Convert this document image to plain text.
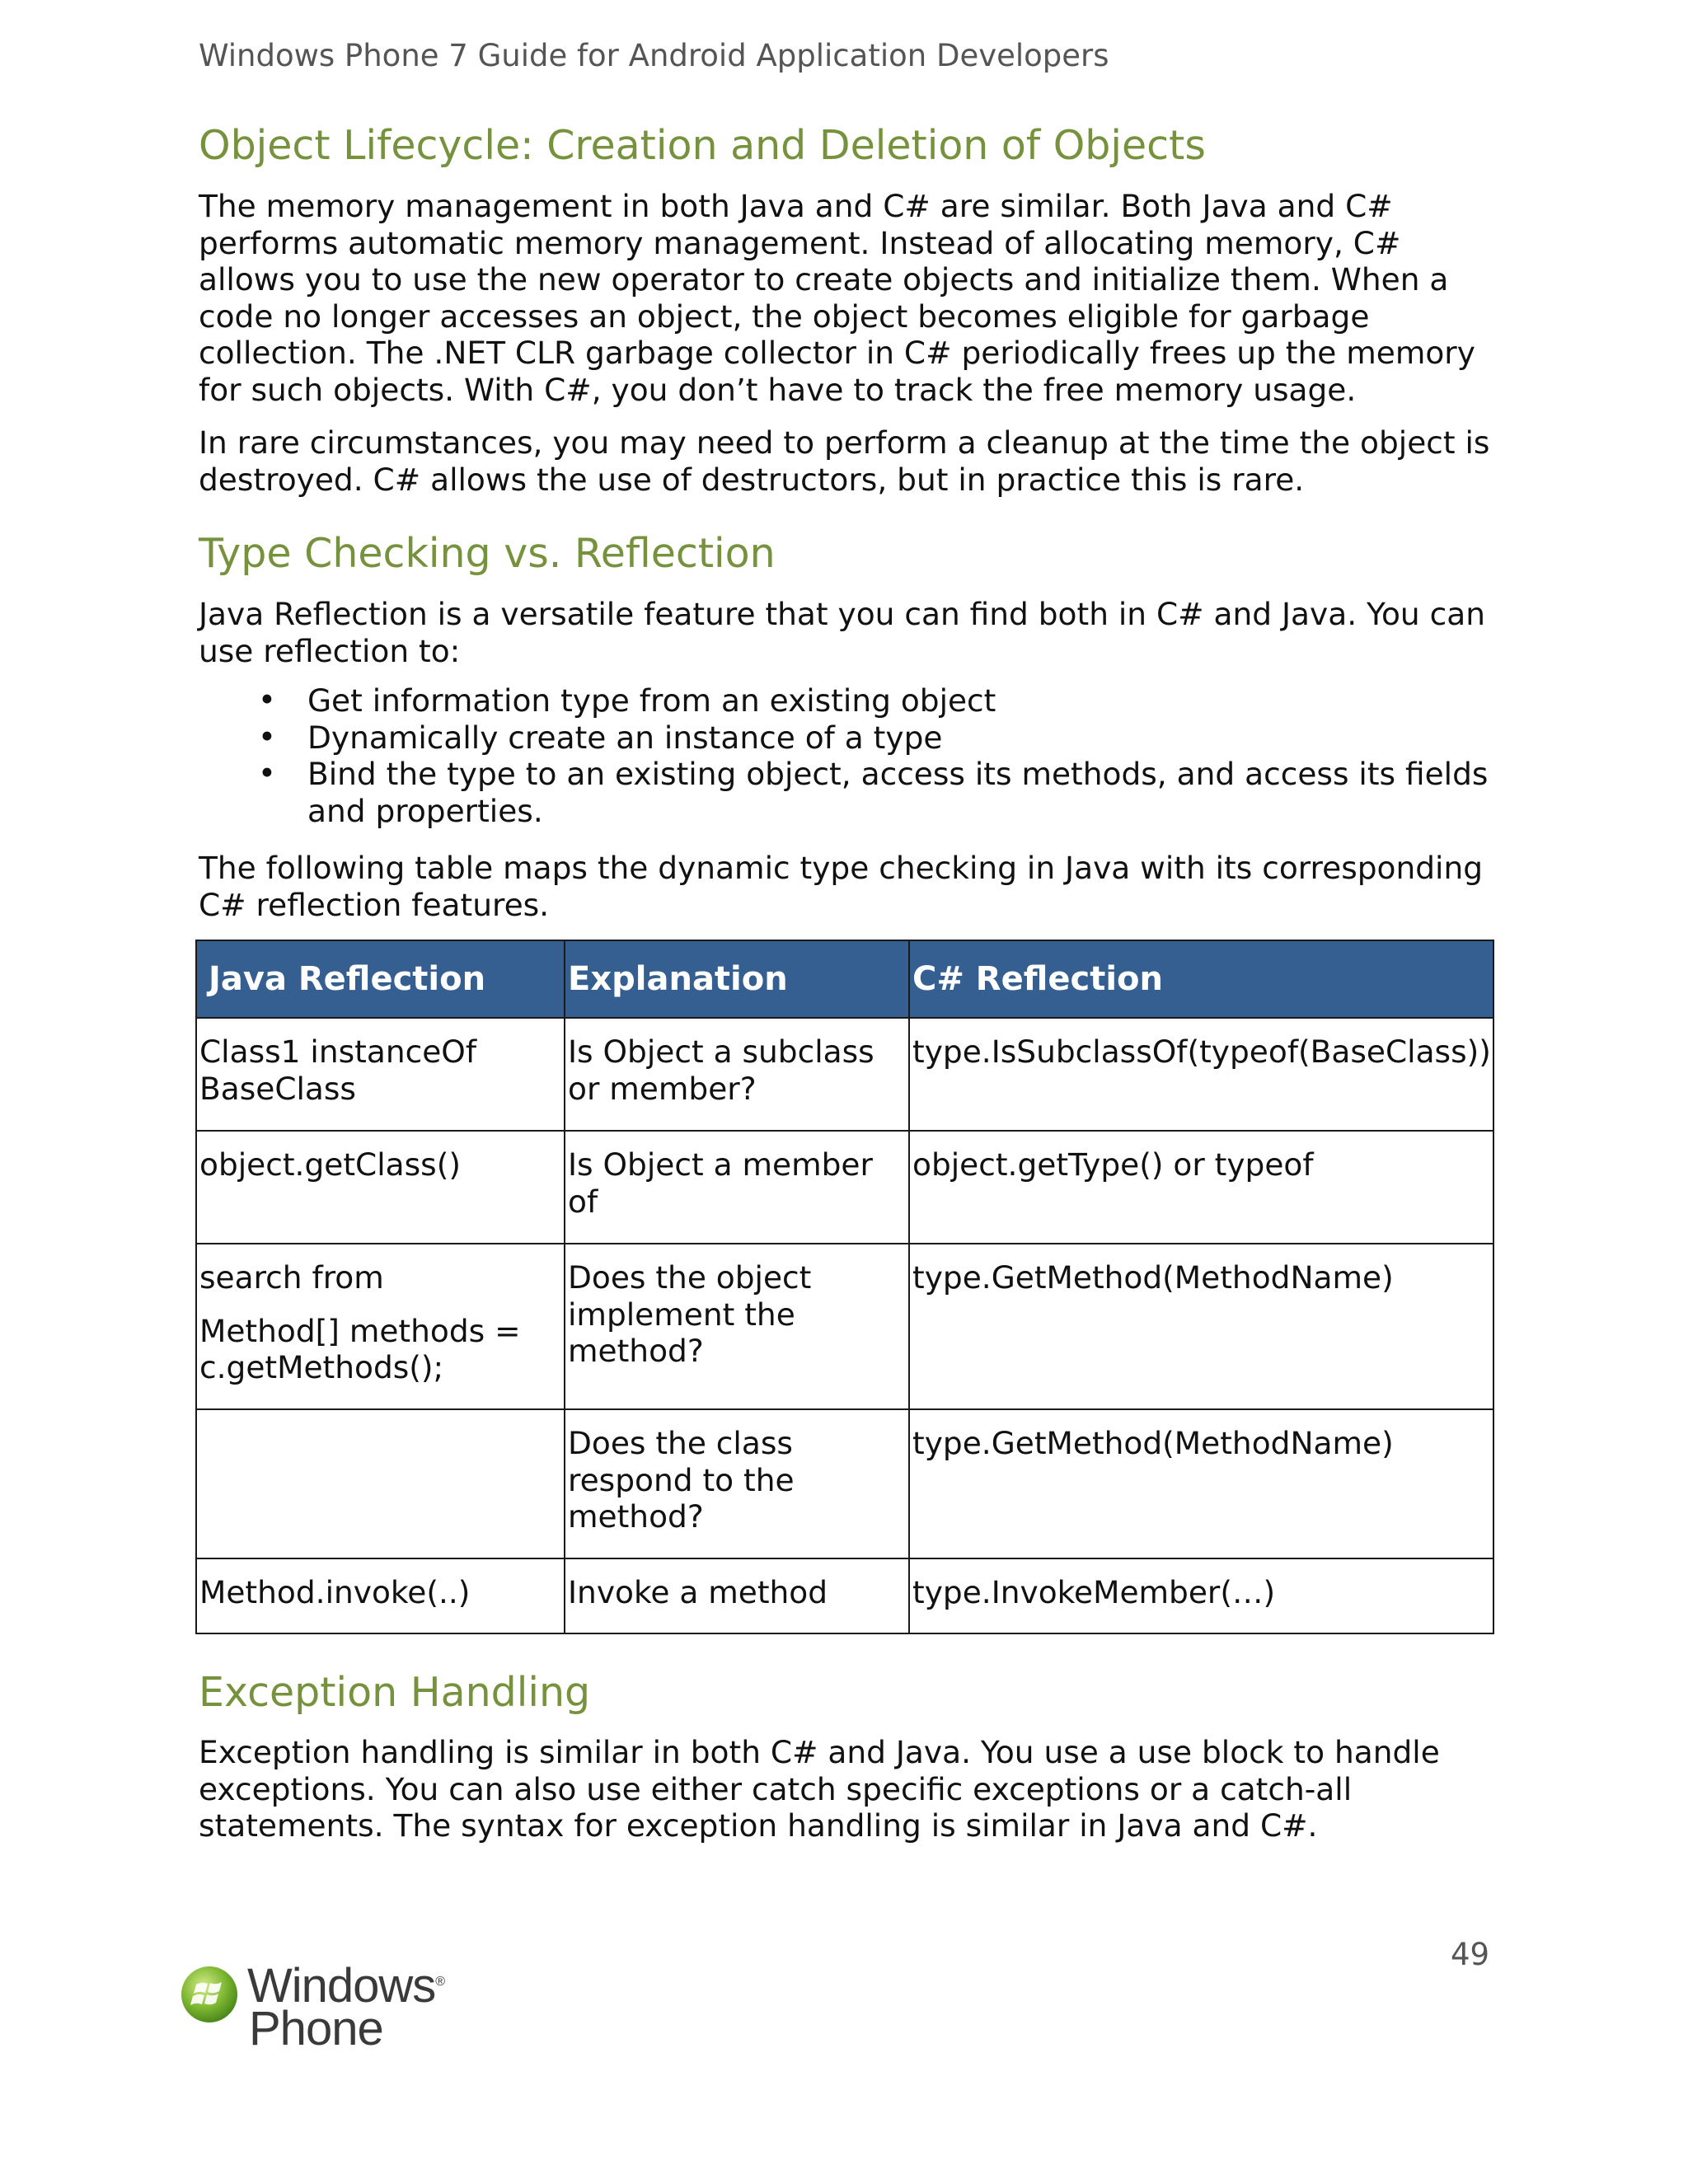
Windows Phone 7 Guide for Android Application Developers
Object Lifecycle: Creation and Deletion of Objects

The memory management in both Java and C# are similar. Both Java and C# performs automatic memory management. Instead of allocating memory, C# allows you to use the new operator to create objects and initialize them. When a code no longer accesses an object, the object becomes eligible for garbage collection. The .NET CLR garbage collector in C# periodically frees up the memory for such objects. With C#, you don’t have to track the free memory usage.

In rare circumstances, you may need to perform a cleanup at the time the object is destroyed. C# allows the use of destructors, but in practice this is rare.

Type Checking vs. Reflection
Java Reflection is a versatile feature that you can find both in C# and Java. You can use reflection to:
• Get information type from an existing object
• Dynamically create an instance of a type
• Bind the type to an existing object, access its methods, and access its fields and properties.
The following table maps the dynamic type checking in Java with its corresponding C# reflection features.
Java Reflection	Explanation	C# Reflection

Class1 instanceOf BaseClass	Is Object a subclass or member?	type.IsSubclassOf(typeof(BaseClass))

object.getClass()	Is Object a member of	object.getType() or typeof

search from
Method[] methods = c.getMethods();	Does the object implement the method?	type.GetMethod(MethodName)

	Does the class respond to the method?	type.GetMethod(MethodName)

Method.invoke(..)	Invoke a method	type.InvokeMember(…)
Exception Handling
Exception handling is similar in both C# and Java. You use a use block to handle exceptions. You can also use either catch specific exceptions or a catch-all statements. The syntax for exception handling is similar in Java and C#.
49
Windows®
Phone
